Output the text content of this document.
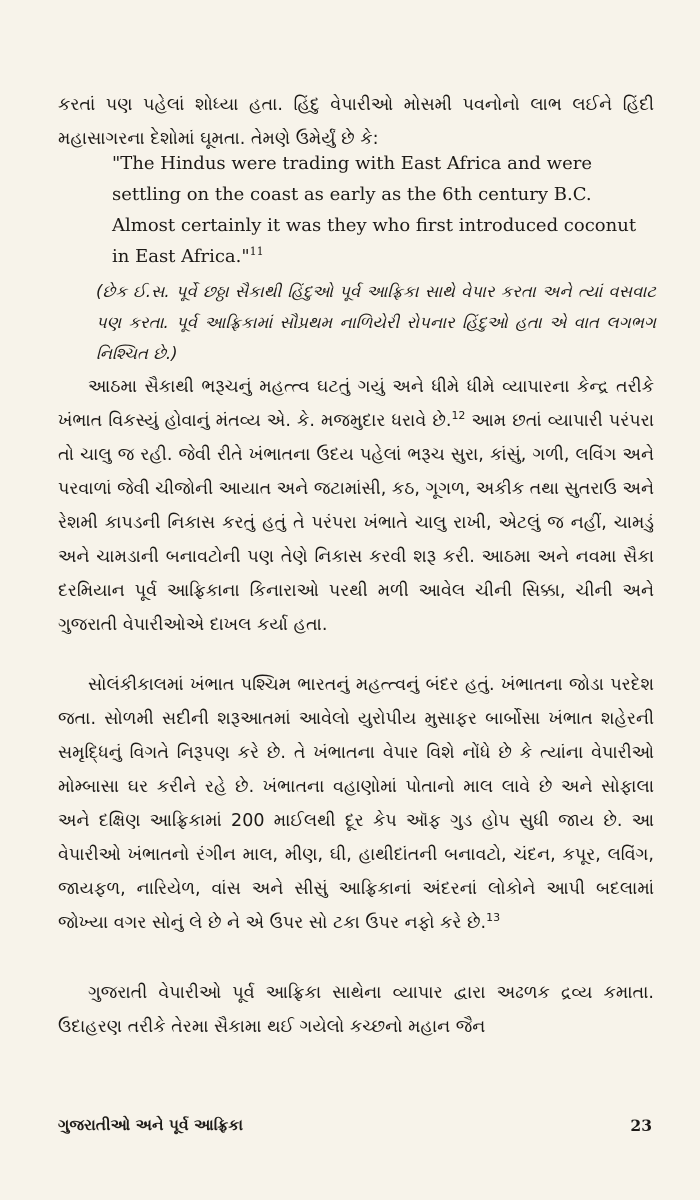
કરતાં પણ પહેલાં શોધ્યા હતા. હિંદુ વેપારીઓ મોસમી પવનોનો લાભ લઈને હિંદી મહાસાગરના દેશોમાં ઘૂમતા. તેમણે ઉમેર્યું છે કે:
"The Hindus were trading with East Africa and were settling on the coast as early as the 6th century B.C. Almost certainly it was they who first introduced coconut in East Africa."$^{11}$
(છેક ઈ.સ. પૂર્વે છઠ્ઠા સૈકાથી હિંદુઓ પૂર્વ આફ્રિકા સાથે વેપાર કરતા અને ત્યાં વસવાટ પણ કરતા. પૂર્વ આફ્રિકામાં સૌપ્રથમ નાળિયેરી રોપનાર હિંદુઓ હતા એ વાત લગભગ નિશ્ચિત છે.)
આઠમા સૈકાથી ભરૂચનું મહત્ત્વ ઘટતું ગયું અને ધીમે ધીમે વ્યાપારના કેન્દ્ર તરીકે ખંભાત વિકસ્યું હોવાનું મંતવ્ય એ. કે. મજમુદાર ધરાવે છે.$^{12}$ આમ છતાં વ્યાપારી પરંપરા તો ચાલુ જ રહી. જેવી રીતે ખંભાતના ઉદય પહેલાં ભરૂચ સુરા, કાંસું, ગળી, લવિંગ અને પરવાળાં જેવી ચીજોની આયાત અને જટામાંસી, કઠ, ગૂગળ, અકીક તથા સુતરાઉ અને રેશમી કાપડની નિકાસ કરતું હતું તે પરંપરા ખંભાતે ચાલુ રાખી, એટલું જ નહીં, ચામડું અને ચામડાની બનાવટોની પણ તેણે નિકાસ કરવી શરૂ કરી. આઠમા અને નવમા સૈકા દરમિયાન પૂર્વ આફ્રિકાના કિનારાઓ પરથી મળી આવેલ ચીની સિક્કા, ચીની અને ગુજરાતી વેપારીઓએ દાખલ કર્યા હતા.
સોલંકીકાલમાં ખંભાત પશ્ચિમ ભારતનું મહત્ત્વનું બંદર હતું. ખંભાતના જોડા પરદેશ જતા. સોળમી સદીની શરૂઆતમાં આવેલો યુરોપીય મુસાફર બાર્બોસા ખંભાત શહેરની સમૃદ્ધિનું વિગતે નિરૂપણ કરે છે. તે ખંભાતના વેપાર વિશે નોંધે છે કે ત્યાંના વેપારીઓ મોમ્બાસા ઘર કરીને રહે છે. ખંભાતના વહાણોમાં પોતાનો માલ લાવે છે અને સોફાલા અને દક્ષિણ આફ્રિકામાં 200 માઈલથી દૂર કેપ ઑફ ગુડ હોપ સુધી જાય છે. આ વેપારીઓ ખંભાતનો રંગીન માલ, મીણ, ઘી, હાથીદાંતની બનાવટો, ચંદન, કપૂર, લવિંગ, જાયફળ, નારિયેળ, વાંસ અને સીસું આફ્રિકાનાં અંદરનાં લોકોને આપી બદલામાં જોખ્યા વગર સોનું લે છે ને એ ઉપર સો ટકા ઉપર નફો કરે છે.$^{13}$
ગુજરાતી વેપારીઓ પૂર્વ આફ્રિકા સાથેના વ્યાપાર દ્વારા અઢળક દ્રવ્ય કમાતા. ઉદાહરણ તરીકે તેરમા સૈકામા થઈ ગયેલો કચ્છનો મહાન જૈન
ગુજરાતીઓ અને પૂર્વ આફ્રિકા	23
